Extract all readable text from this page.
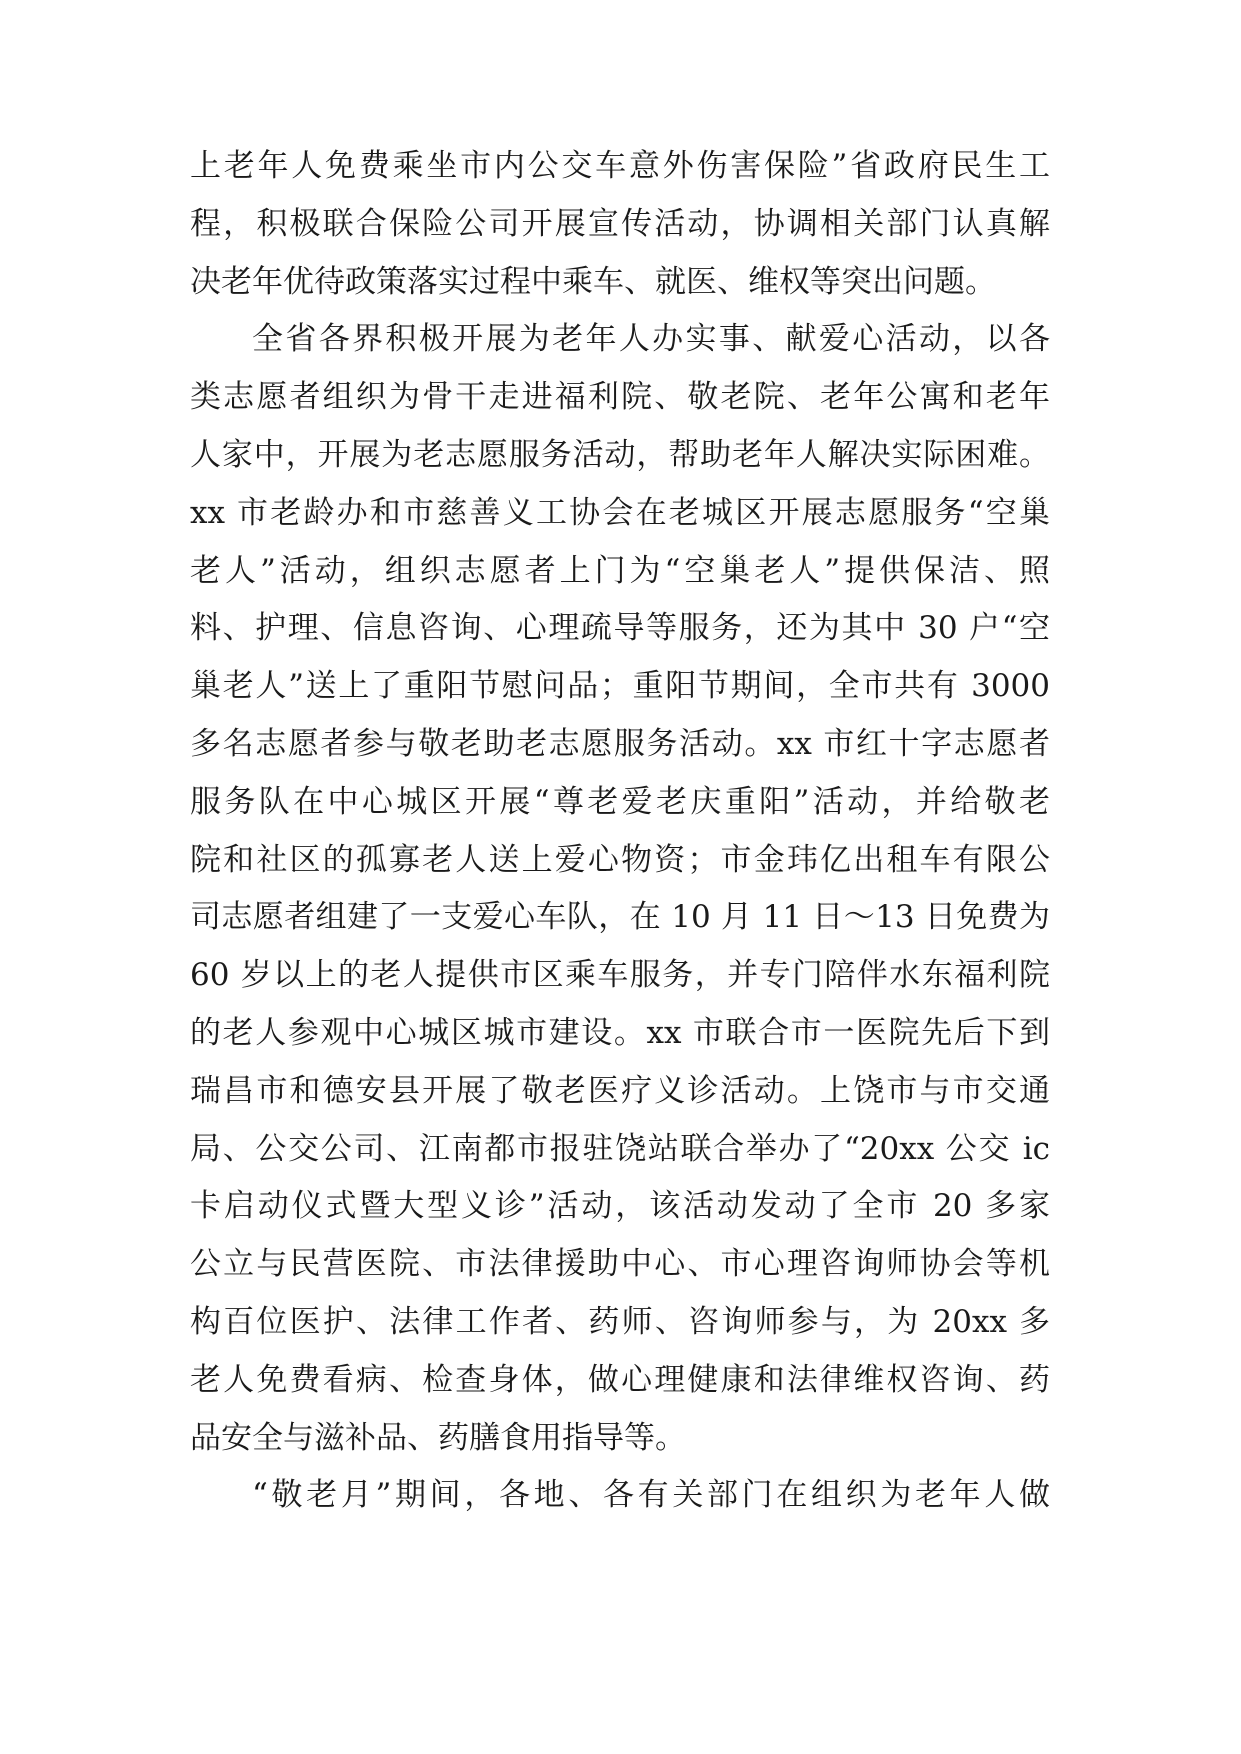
上老年人免费乘坐市内公交车意外伤害保险”省政府民生工
程，积极联合保险公司开展宣传活动，协调相关部门认真解
决老年优待政策落实过程中乘车、就医、维权等突出问题。
全省各界积极开展为老年人办实事、献爱心活动，以各
类志愿者组织为骨干走进福利院、敬老院、老年公寓和老年
人家中，开展为老志愿服务活动，帮助老年人解决实际困难。
xx 市老龄办和市慈善义工协会在老城区开展志愿服务“空巢
老人”活动，组织志愿者上门为“空巢老人”提供保洁、照
料、护理、信息咨询、心理疏导等服务，还为其中 30 户“空
巢老人”送上了重阳节慰问品；重阳节期间，全市共有 3000
多名志愿者参与敬老助老志愿服务活动。xx 市红十字志愿者
服务队在中心城区开展“尊老爱老庆重阳”活动，并给敬老
院和社区的孤寡老人送上爱心物资；市金玮亿出租车有限公
司志愿者组建了一支爱心车队，在 10 月 11 日～13 日免费为
60 岁以上的老人提供市区乘车服务，并专门陪伴水东福利院
的老人参观中心城区城市建设。xx 市联合市一医院先后下到
瑞昌市和德安县开展了敬老医疗义诊活动。上饶市与市交通
局、公交公司、江南都市报驻饶站联合举办了“20xx 公交 ic
卡启动仪式暨大型义诊”活动，该活动发动了全市 20 多家
公立与民营医院、市法律援助中心、市心理咨询师协会等机
构百位医护、法律工作者、药师、咨询师参与，为 20xx 多
老人免费看病、检查身体，做心理健康和法律维权咨询、药
品安全与滋补品、药膳食用指导等。
“敬老月”期间，各地、各有关部门在组织为老年人做
